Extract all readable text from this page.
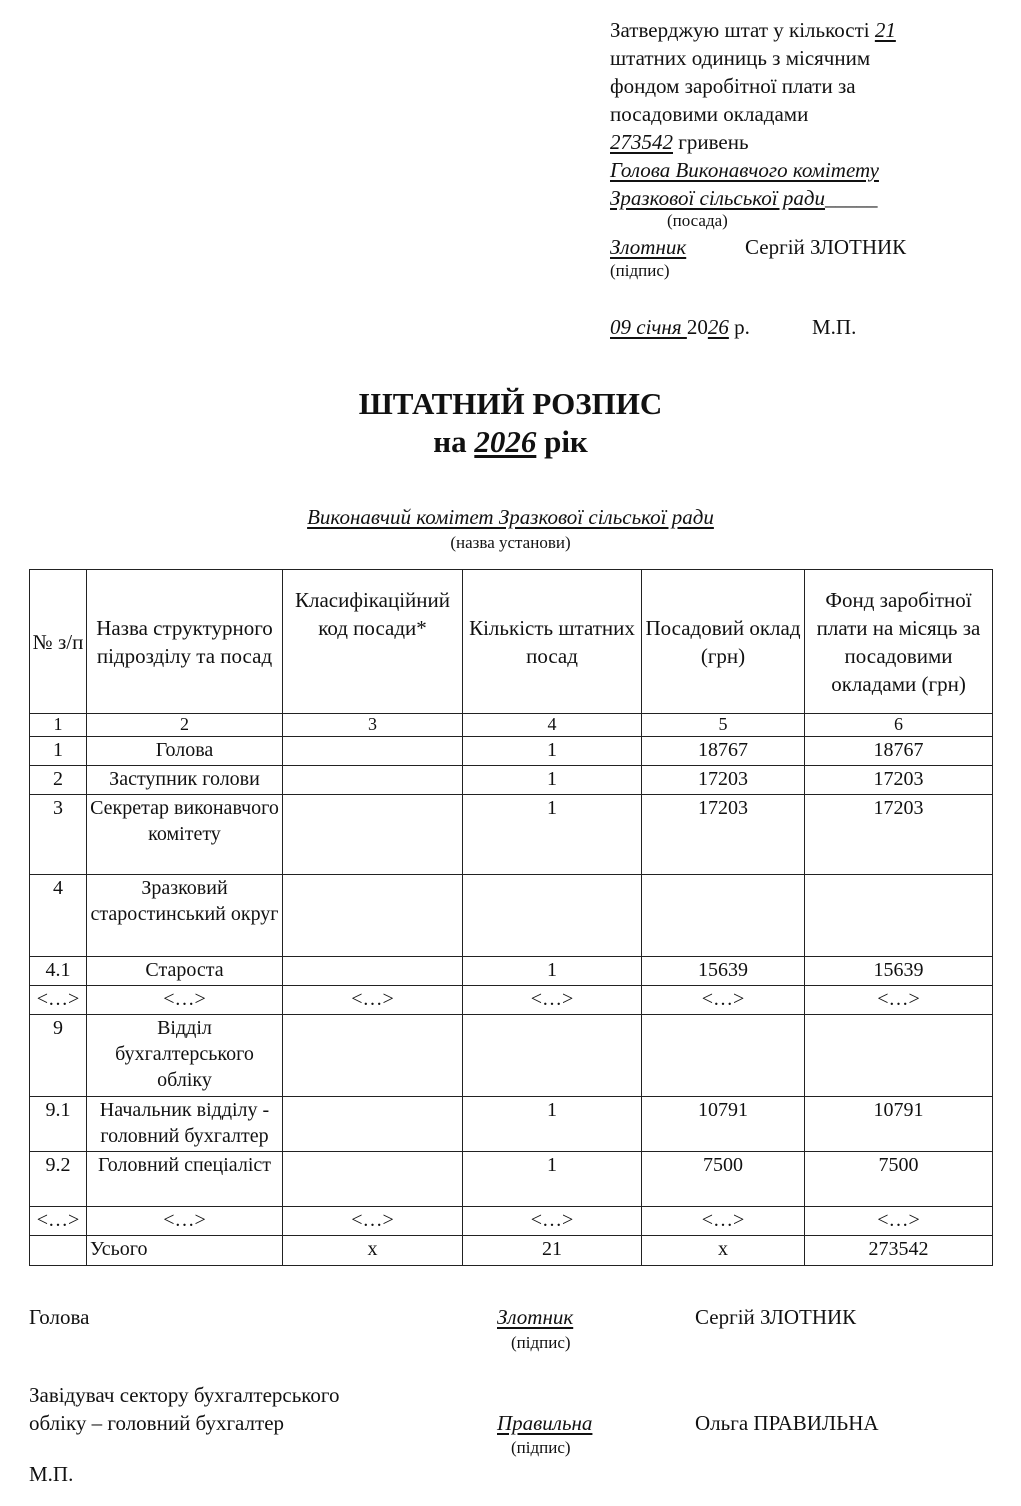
Затверджую штат у кількості 21
штатних одиниць з місячним
фондом заробітної плати за
посадовими окладами
273542 гривень
Голова Виконавчого комітету
Зразкової сільської ради_____
(посада)
Злотник	Сергій ЗЛОТНИК
(підпис)
09 січня 2026 р.	М.П.
ШТАТНИЙ РОЗПИС
на 2026 рік
Виконавчий комітет Зразкової сільської ради
(назва установи)
№ з/п	Назва структурного підрозділу та посад	Класифікаційний код посади*	Кількість штатних посад	Посадовий оклад (грн)	Фонд заробітної плати на місяць за посадовими окладами (грн)
1	2	3	4	5	6
1	Голова		1	18767	18767
2	Заступник голови		1	17203	17203
3	Секретар виконавчого комітету		1	17203	17203
4	Зразковий старостинський округ				
4.1	Староста		1	15639	15639
<…>	<…>	<…>	<…>	<…>	<…>
9	Відділ бухгалтерського обліку				
9.1	Начальник відділу - головний бухгалтер		1	10791	10791
9.2	Головний спеціаліст		1	7500	7500
<…>	<…>	<…>	<…>	<…>	<…>
	Усього	х	21	х	273542
Голова	Злотник
(підпис)
Сергій ЗЛОТНИК
Завідувач сектору бухгалтерського
обліку – головний бухгалтер	Правильна
(підпис)
Ольга ПРАВИЛЬНА
М.П.
